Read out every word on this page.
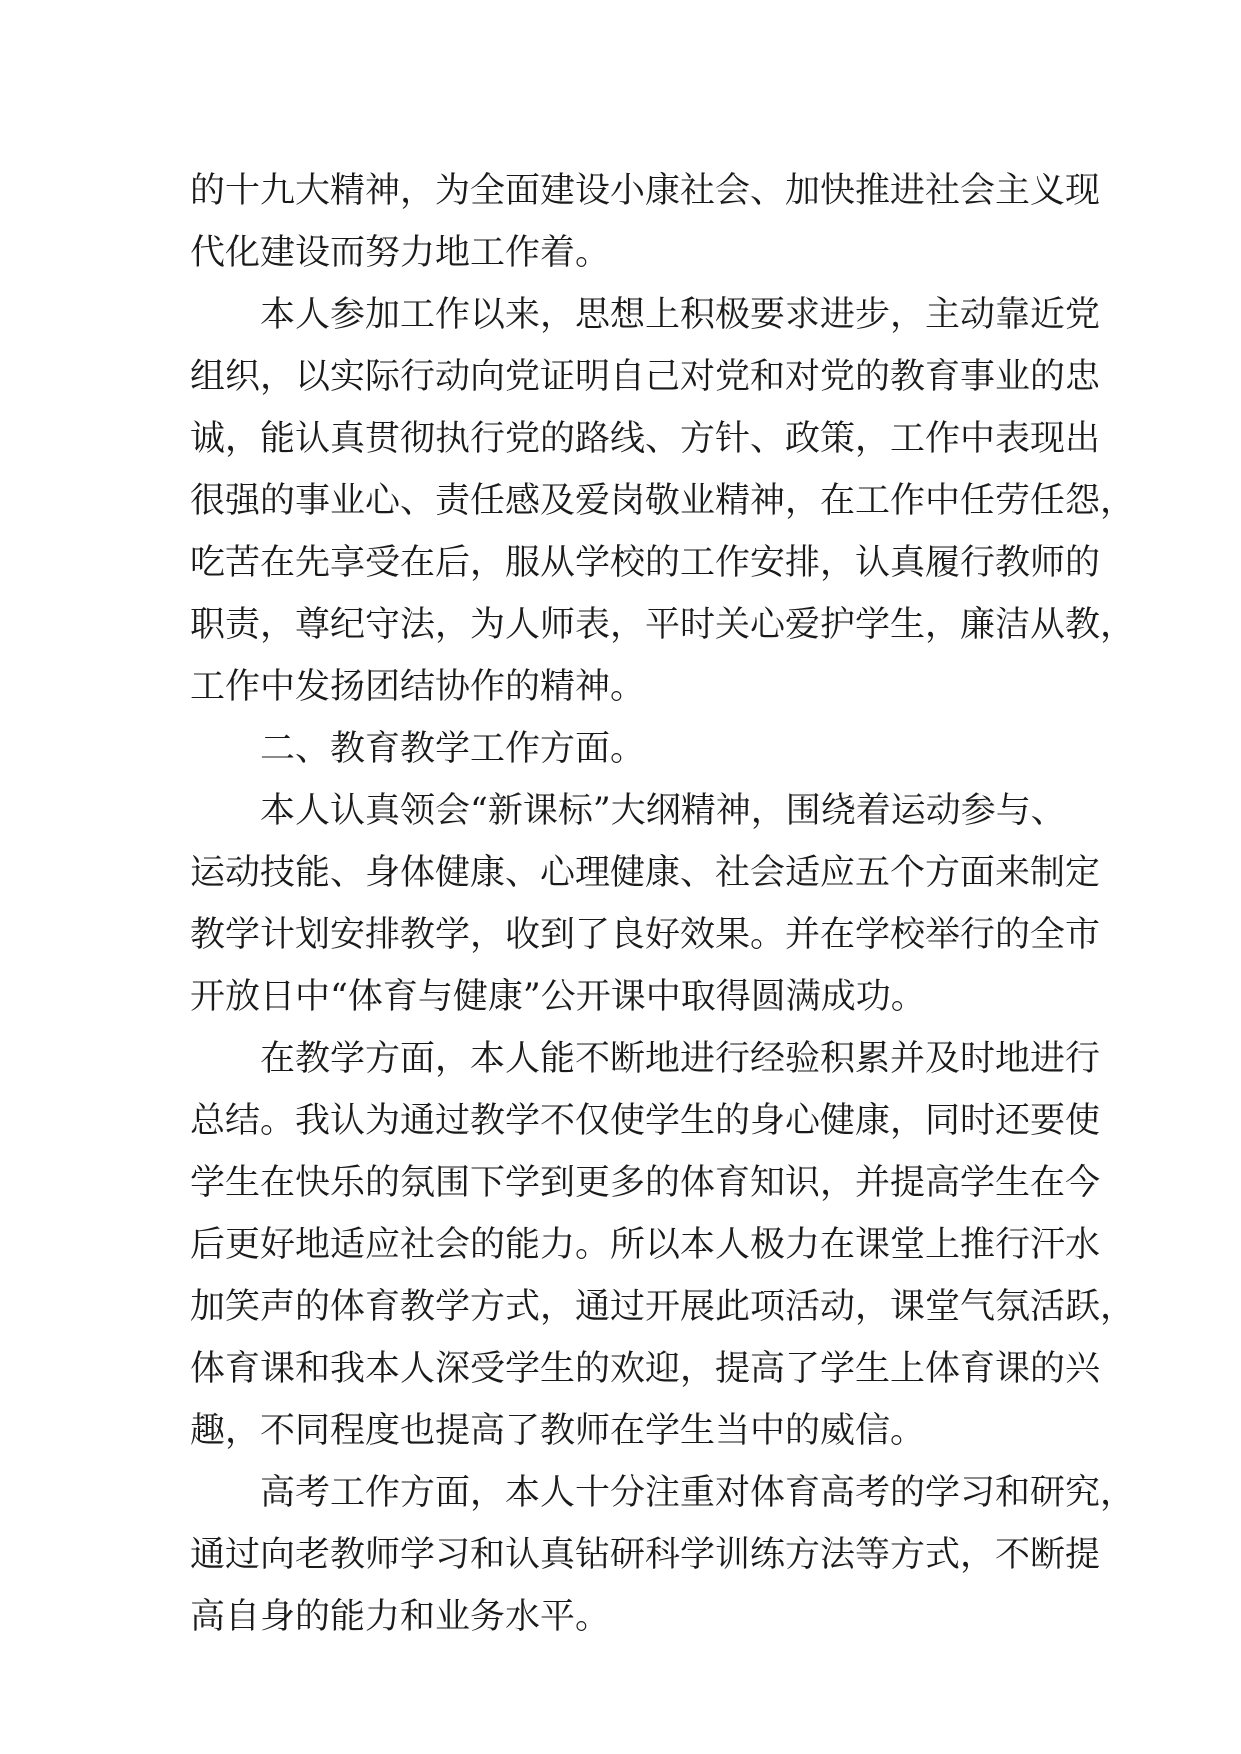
的十九大精神，为全面建设小康社会、加快推进社会主义现
代化建设而努力地工作着。

本人参加工作以来，思想上积极要求进步，主动靠近党
组织，以实际行动向党证明自己对党和对党的教育事业的忠
诚，能认真贯彻执行党的路线、方针、政策，工作中表现出
很强的事业心、责任感及爱岗敬业精神，在工作中任劳任怨，
吃苦在先享受在后，服从学校的工作安排，认真履行教师的
职责，尊纪守法，为人师表，平时关心爱护学生，廉洁从教，
工作中发扬团结协作的精神。

二、教育教学工作方面。

本人认真领会“新课标”大纲精神，围绕着运动参与、
运动技能、身体健康、心理健康、社会适应五个方面来制定
教学计划安排教学，收到了良好效果。并在学校举行的全市
开放日中“体育与健康”公开课中取得圆满成功。

在教学方面，本人能不断地进行经验积累并及时地进行
总结。我认为通过教学不仅使学生的身心健康，同时还要使
学生在快乐的氛围下学到更多的体育知识，并提高学生在今
后更好地适应社会的能力。所以本人极力在课堂上推行汗水
加笑声的体育教学方式，通过开展此项活动，课堂气氛活跃，
体育课和我本人深受学生的欢迎，提高了学生上体育课的兴
趣，不同程度也提高了教师在学生当中的威信。

高考工作方面，本人十分注重对体育高考的学习和研究，
通过向老教师学习和认真钻研科学训练方法等方式，不断提
高自身的能力和业务水平。
